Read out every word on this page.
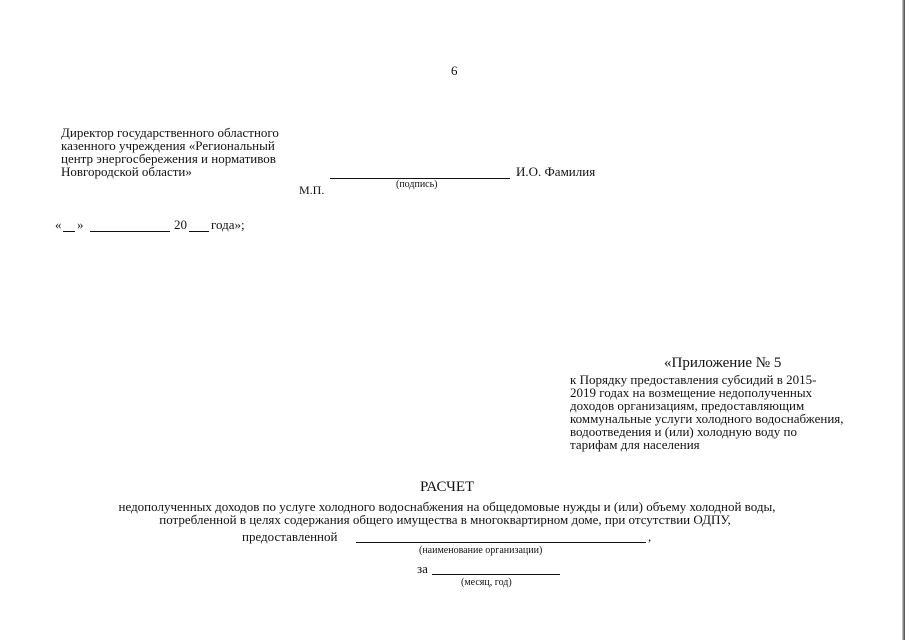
6
Директор государственного областного
казенного учреждения «Региональный
центр энергосбережения и нормативов
Новгородской области»	И.О. Фамилия
(подпись)
М.П.
« »	20 года»;
«Приложение № 5
к Порядку предоставления субсидий в 2015-
2019 годах на возмещение недополученных
доходов организациям, предоставляющим
коммунальные услуги холодного водоснабжения,
водоотведения и (или) холодную воду по
тарифам для населения
РАСЧЕТ
недополученных доходов по услуге холодного водоснабжения на общедомовые нужды и (или) объему холодной воды,
потребленной в целях содержания общего имущества в многоквартирном доме, при отсутствии ОДПУ,
предоставленной	,
(наименование организации)
за
(месяц, год)
